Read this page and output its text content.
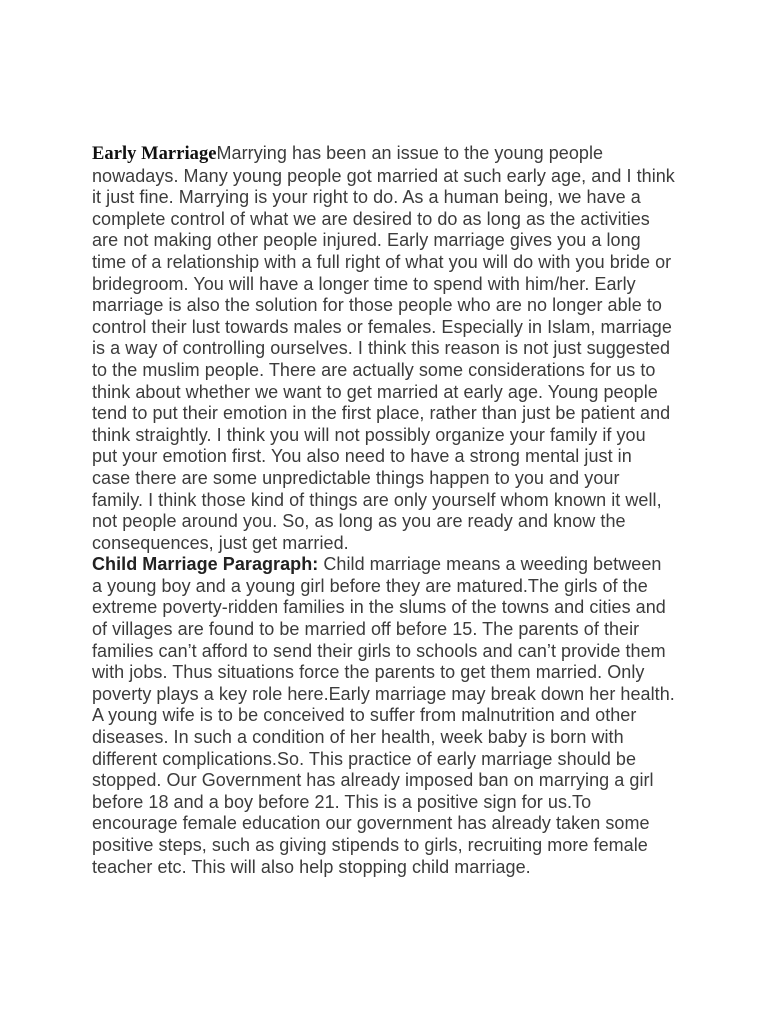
Early MarriageMarrying has been an issue to the young people
nowadays. Many young people got married at such early age, and I think
it just fine. Marrying is your right to do. As a human being, we have a
complete control of what we are desired to do as long as the activities
are not making other people injured. Early marriage gives you a long
time of a relationship with a full right of what you will do with you bride or
bridegroom. You will have a longer time to spend with him/her. Early
marriage is also the solution for those people who are no longer able to
control their lust towards males or females. Especially in Islam, marriage
is a way of controlling ourselves. I think this reason is not just suggested
to the muslim people. There are actually some considerations for us to
think about whether we want to get married at early age. Young people
tend to put their emotion in the first place, rather than just be patient and
think straightly. I think you will not possibly organize your family if you
put your emotion first. You also need to have a strong mental just in
case there are some unpredictable things happen to you and your
family. I think those kind of things are only yourself whom known it well,
not people around you. So, as long as you are ready and know the
consequences, just get married.

Child Marriage Paragraph: Child marriage means a weeding between
a young boy and a young girl before they are matured.The girls of the
extreme poverty-ridden families in the slums of the towns and cities and
of villages are found to be married off before 15. The parents of their
families can’t afford to send their girls to schools and can’t provide them
with jobs. Thus situations force the parents to get them married. Only
poverty plays a key role here.Early marriage may break down her health.
A young wife is to be conceived to suffer from malnutrition and other
diseases. In such a condition of her health, week baby is born with
different complications.So. This practice of early marriage should be
stopped. Our Government has already imposed ban on marrying a girl
before 18 and a boy before 21. This is a positive sign for us.To
encourage female education our government has already taken some
positive steps, such as giving stipends to girls, recruiting more female
teacher etc. This will also help stopping child marriage.
